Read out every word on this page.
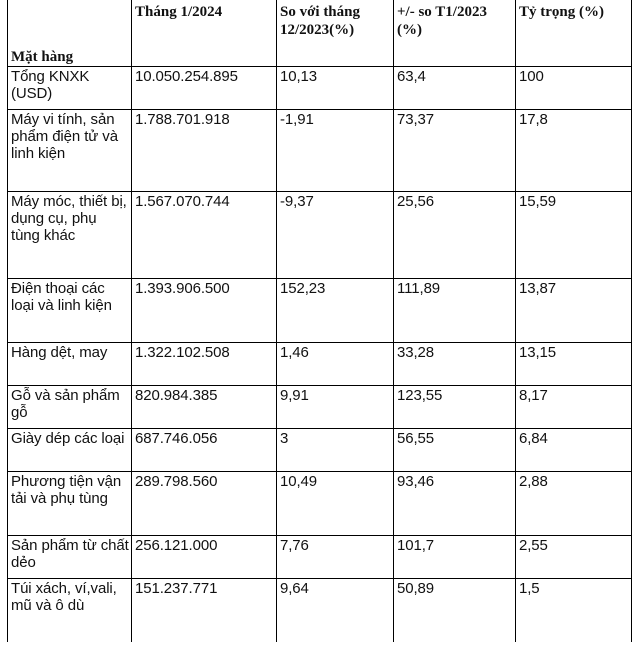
Mặt hàng	Tháng 1/2024	So với tháng 12/2023(%)	+/- so T1/2023 (%)	Tỷ trọng (%)
Tổng KNXK (USD)	10.050.254.895	10,13	63,4	100
Máy vi tính, sản phẩm điện tử và linh kiện	1.788.701.918	-1,91	73,37	17,8
Máy móc, thiết bị, dụng cụ, phụ tùng khác	1.567.070.744	-9,37	25,56	15,59
Điện thoại các loại và linh kiện	1.393.906.500	152,23	111,89	13,87
Hàng dệt, may	1.322.102.508	1,46	33,28	13,15
Gỗ và sản phẩm gỗ	820.984.385	9,91	123,55	8,17
Giày dép các loại	687.746.056	3	56,55	6,84
Phương tiện vận tải và phụ tùng	289.798.560	10,49	93,46	2,88
Sản phẩm từ chất dẻo	256.121.000	7,76	101,7	2,55
Túi xách, ví,vali, mũ và ô dù	151.237.771	9,64	50,89	1,5
